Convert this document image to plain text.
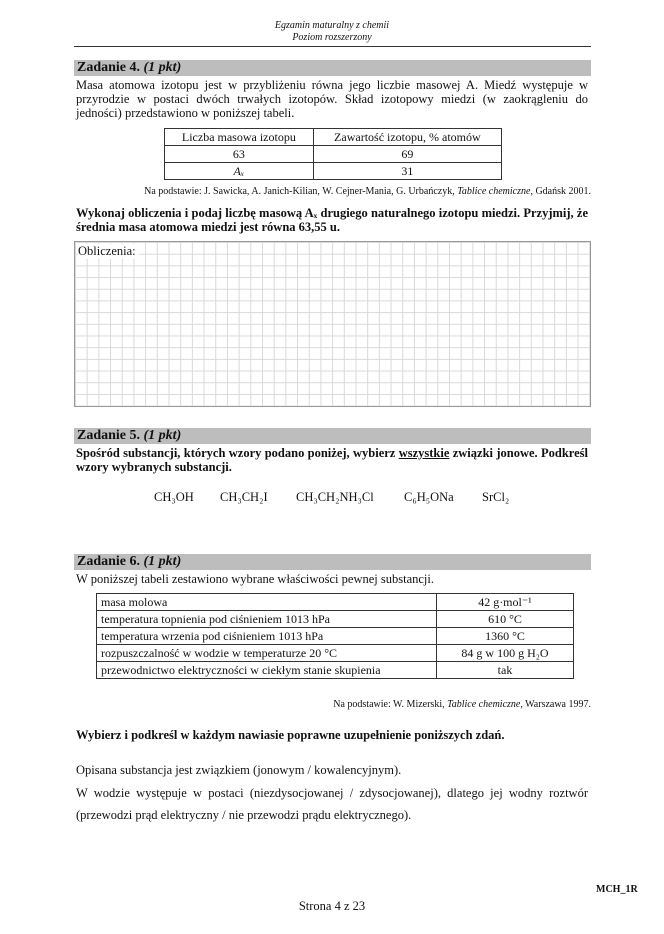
Egzamin maturalny z chemii
Poziom rozszerzony
Zadanie 4. (1 pkt)
Masa atomowa izotopu jest w przybliżeniu równa jego liczbie masowej A. Miedź występuje w przyrodzie w postaci dwóch trwałych izotopów. Skład izotopowy miedzi (w zaokrągleniu do jedności) przedstawiono w poniższej tabeli.
Liczba masowa izotopu	Zawartość izotopu, % atomów
63	69
Aₓ	31
Na podstawie: J. Sawicka, A. Janich-Kilian, W. Cejner-Mania, G. Urbańczyk, Tablice chemiczne, Gdańsk 2001.
Wykonaj obliczenia i podaj liczbę masową Aₓ drugiego naturalnego izotopu miedzi. Przyjmij, że średnia masa atomowa miedzi jest równa 63,55 u.
Obliczenia:
Zadanie 5. (1 pkt)
Spośród substancji, których wzory podano poniżej, wybierz wszystkie związki jonowe. Podkreśl wzory wybranych substancji.
CH₃OH CH₃CH₂I CH₃CH₂NH₃Cl C₆H₅ONa SrCl₂
Zadanie 6. (1 pkt)
W poniższej tabeli zestawiono wybrane właściwości pewnej substancji.
masa molowa	42 g·mol⁻¹
temperatura topnienia pod ciśnieniem 1013 hPa	610 °C
temperatura wrzenia pod ciśnieniem 1013 hPa	1360 °C
rozpuszczalność w wodzie w temperaturze 20 °C	84 g w 100 g H₂O
przewodnictwo elektryczności w ciekłym stanie skupienia	tak
Na podstawie: W. Mizerski, Tablice chemiczne, Warszawa 1997.
Wybierz i podkreśl w każdym nawiasie poprawne uzupełnienie poniższych zdań.
Opisana substancja jest związkiem (jonowym / kowalencyjnym).
W wodzie występuje w postaci (niezdysocjowanej / zdysocjowanej), dlatego jej wodny roztwór (przewodzi prąd elektryczny / nie przewodzi prądu elektrycznego).
Strona 4 z 23
MCH_1R
